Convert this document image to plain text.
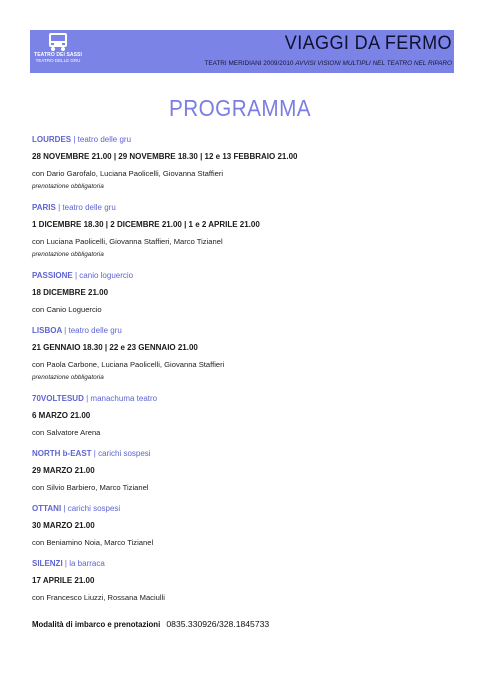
TEATRO DEI SASSI
TEATRO DELLE GRU
VIAGGI DA FERMO
TEATRI MERIDIANI 2009/2010 AVVISI VISIONI MULTIPLI NEL TEATRO NEL RIPARO
PROGRAMMA
LOURDES | teatro delle gru
28 NOVEMBRE 21.00 | 29 NOVEMBRE 18.30 | 12 e 13 FEBBRAIO 21.00
con Dario Garofalo, Luciana Paolicelli, Giovanna Staffieri
prenotazione obbligatoria
PARIS | teatro delle gru
1 DICEMBRE 18.30 | 2 DICEMBRE 21.00 | 1 e 2 APRILE 21.00
con Luciana Paolicelli, Giovanna Staffieri, Marco Tizianel
prenotazione obbligatoria
PASSIONE | canio loguercio
18 DICEMBRE 21.00
con Canio Loguercio
LISBOA | teatro delle gru
21 GENNAIO 18.30 | 22 e 23 GENNAIO 21.00
con Paola Carbone, Luciana Paolicelli, Giovanna Staffieri
prenotazione obbligatoria
70VOLTESUD | manachuma teatro
6 MARZO 21.00
con Salvatore Arena
NORTH b-EAST | carichi sospesi
29 MARZO 21.00
con Silvio Barbiero, Marco Tizianel
OTTANI | carichi sospesi
30 MARZO 21.00
con Beniamino Noia, Marco Tizianel
SILENZI | la barraca
17 APRILE 21.00
con Francesco Liuzzi, Rossana Maciulli
Modalità di imbarco e prenotazioni 0835.330926/328.1845733
